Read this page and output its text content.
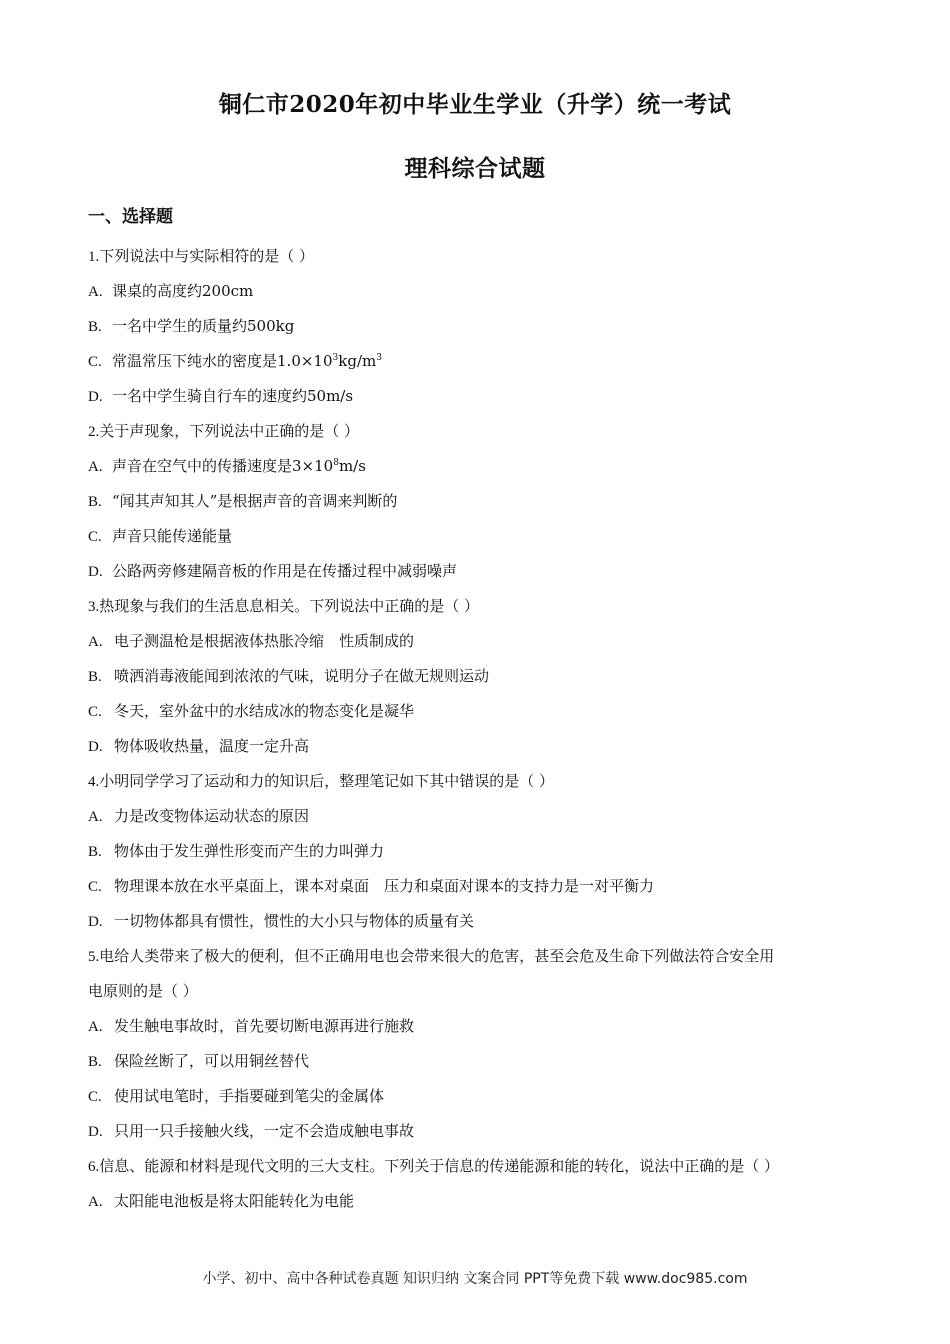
铜仁市2020年初中毕业生学业（升学）统一考试
理科综合试题
一、选择题
1.下列说法中与实际相符的是（ ）
A. 课桌的高度约200cm
B. 一名中学生的质量约500kg
C. 常温常压下纯水的密度是$1.0\times 10^3kg/m^3$
D. 一名中学生骑自行车的速度约50m/s
2.关于声现象，下列说法中正确的是（ ）
A. 声音在空气中的传播速度是$3\times 10^8m/s$
B. “闻其声知其人”是根据声音的音调来判断的
C. 声音只能传递能量
D. 公路两旁修建隔音板的作用是在传播过程中减弱噪声
3.热现象与我们的生活息息相关。下列说法中正确的是（ ）
A. 电子测温枪是根据液体热胀冷缩　性质制成的
B. 喷洒消毒液能闻到浓浓的气味，说明分子在做无规则运动
C. 冬天，室外盆中的水结成冰的物态变化是凝华
D. 物体吸收热量，温度一定升高
4.小明同学学习了运动和力的知识后，整理笔记如下其中错误的是（ ）
A. 力是改变物体运动状态的原因
B. 物体由于发生弹性形变而产生的力叫弹力
C. 物理课本放在水平桌面上，课本对桌面　压力和桌面对课本的支持力是一对平衡力
D. 一切物体都具有惯性，惯性的大小只与物体的质量有关
5.电给人类带来了极大的便利，但不正确用电也会带来很大的危害，甚至会危及生命下列做法符合安全用
电原则的是（ ）
A. 发生触电事故时，首先要切断电源再进行施救
B. 保险丝断了，可以用铜丝替代
C. 使用试电笔时，手指要碰到笔尖的金属体
D. 只用一只手接触火线，一定不会造成触电事故
6.信息、能源和材料是现代文明的三大支柱。下列关于信息的传递能源和能的转化，说法中正确的是（ ）
A. 太阳能电池板是将太阳能转化为电能
小学、初中、高中各种试卷真题 知识归纳 文案合同 PPT等免费下载 www.doc985.com
